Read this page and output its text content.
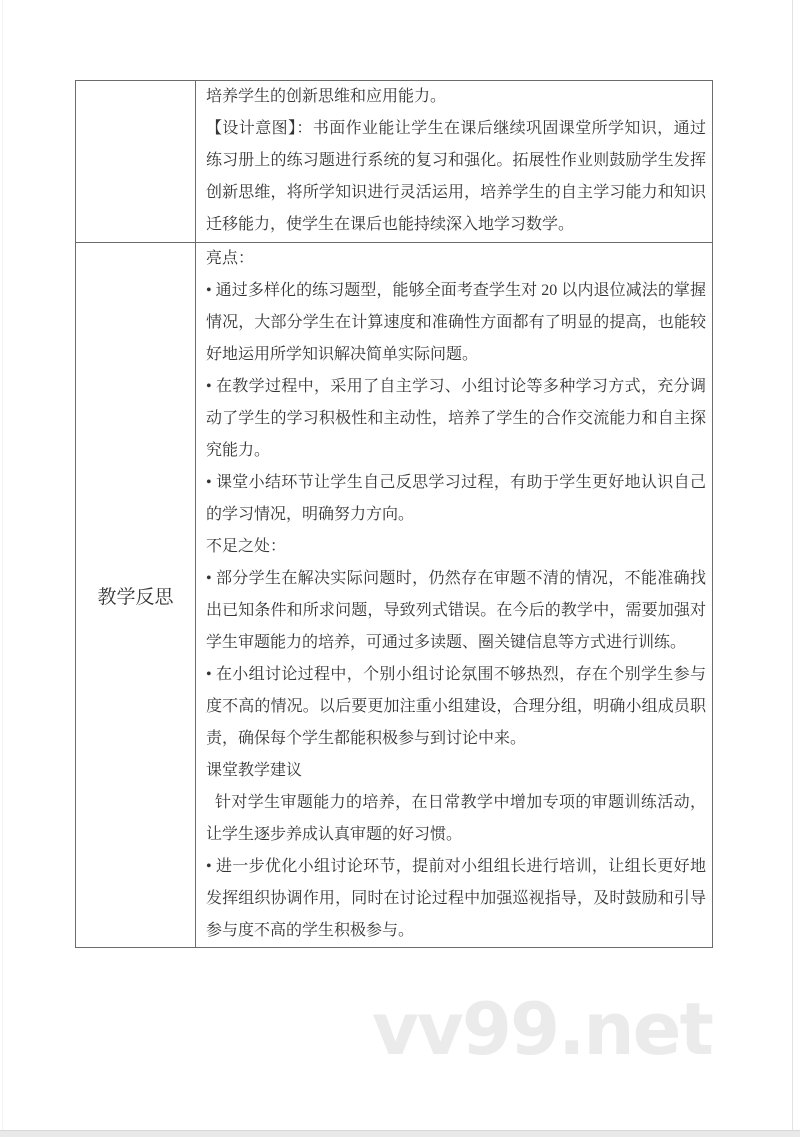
vv99.net

培养学生的创新思维和应用能力。

【设计意图】：书面作业能让学生在课后继续巩固课堂所学知识，通过练习册上的练习题进行系统的复习和强化。拓展性作业则鼓励学生发挥创新思维，将所学知识进行灵活运用，培养学生的自主学习能力和知识迁移能力，使学生在课后也能持续深入地学习数学。

教学反思

亮点：

• 通过多样化的练习题型，能够全面考查学生对 20 以内退位减法的掌握情况，大部分学生在计算速度和准确性方面都有了明显的提高，也能较好地运用所学知识解决简单实际问题。

• 在教学过程中，采用了自主学习、小组讨论等多种学习方式，充分调动了学生的学习积极性和主动性，培养了学生的合作交流能力和自主探究能力。

• 课堂小结环节让学生自己反思学习过程，有助于学生更好地认识自己的学习情况，明确努力方向。

不足之处：

• 部分学生在解决实际问题时，仍然存在审题不清的情况，不能准确找出已知条件和所求问题，导致列式错误。在今后的教学中，需要加强对学生审题能力的培养，可通过多读题、圈关键信息等方式进行训练。

• 在小组讨论过程中，个别小组讨论氛围不够热烈，存在个别学生参与度不高的情况。以后要更加注重小组建设，合理分组，明确小组成员职责，确保每个学生都能积极参与到讨论中来。

课堂教学建议

针对学生审题能力的培养，在日常教学中增加专项的审题训练活动，让学生逐步养成认真审题的好习惯。

• 进一步优化小组讨论环节，提前对小组组长进行培训，让组长更好地发挥组织协调作用，同时在讨论过程中加强巡视指导，及时鼓励和引导参与度不高的学生积极参与。
